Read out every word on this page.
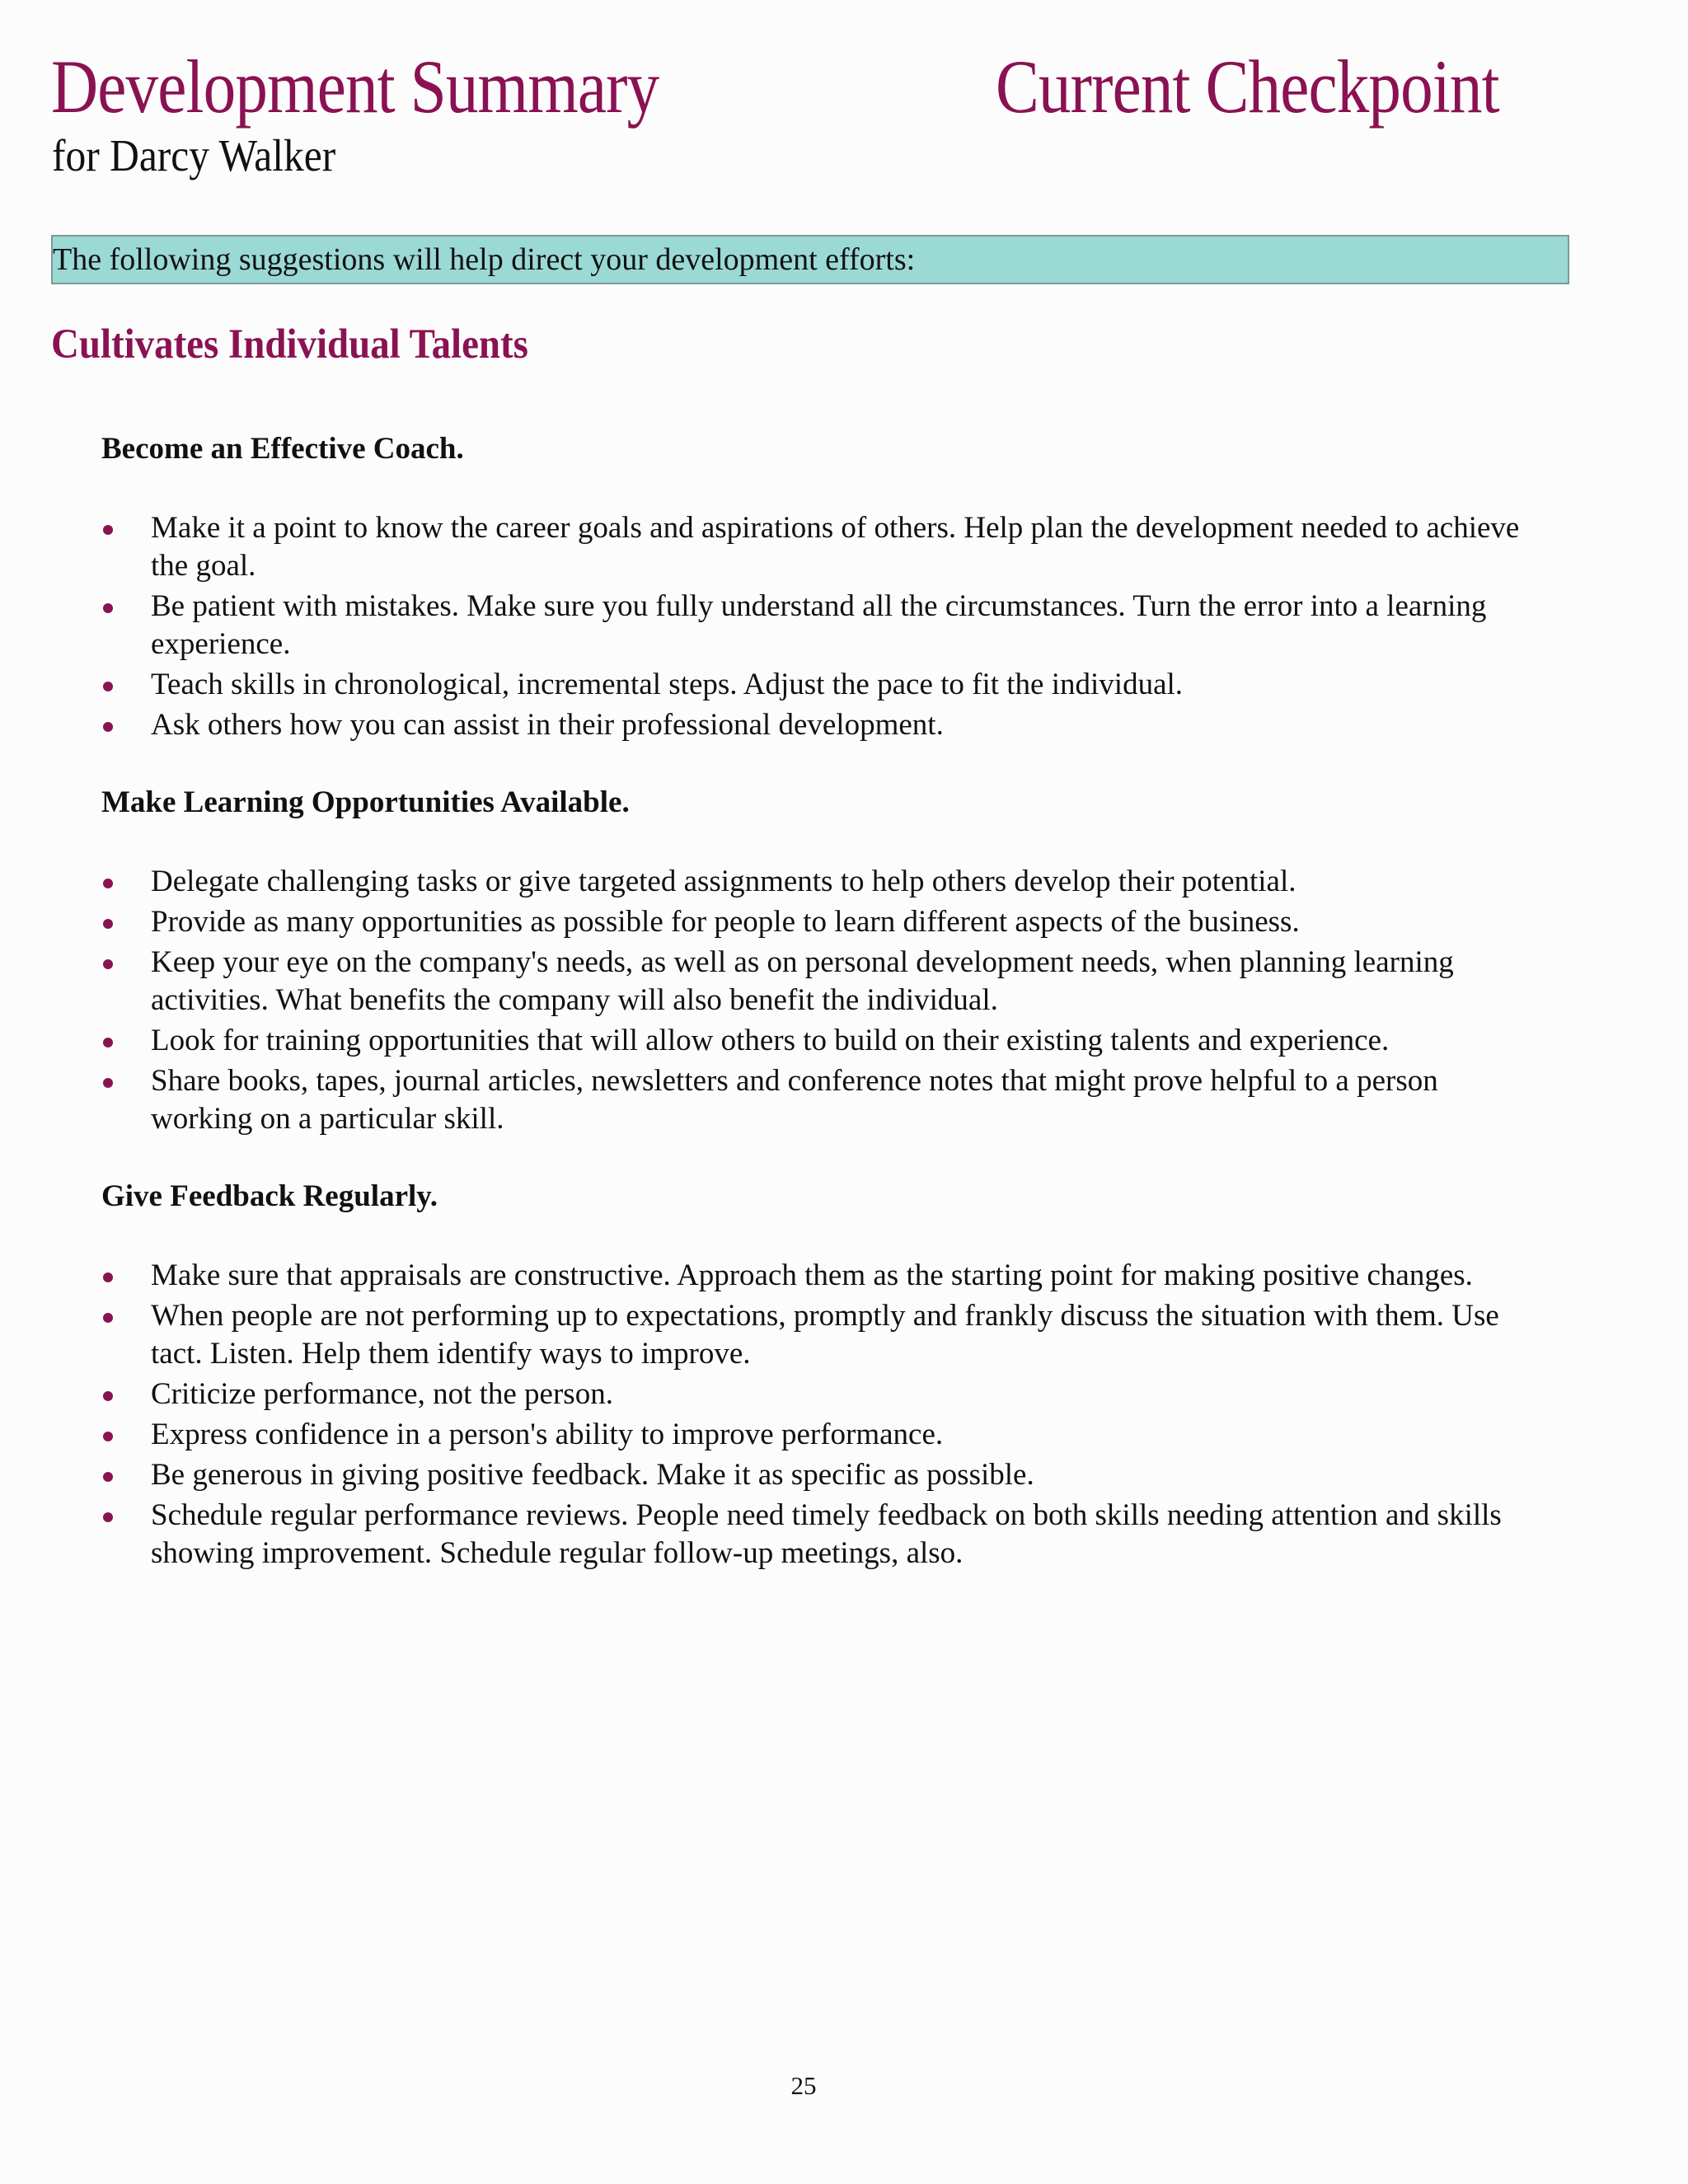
Development Summary	Current Checkpoint
for Darcy Walker
The following suggestions will help direct your development efforts:
Cultivates Individual Talents
Become an Effective Coach.
Make it a point to know the career goals and aspirations of others. Help plan the development needed to achieve the goal.
Be patient with mistakes. Make sure you fully understand all the circumstances. Turn the error into a learning experience.
Teach skills in chronological, incremental steps. Adjust the pace to fit the individual.
Ask others how you can assist in their professional development.
Make Learning Opportunities Available.
Delegate challenging tasks or give targeted assignments to help others develop their potential.
Provide as many opportunities as possible for people to learn different aspects of the business.
Keep your eye on the company's needs, as well as on personal development needs, when planning learning activities. What benefits the company will also benefit the individual.
Look for training opportunities that will allow others to build on their existing talents and experience.
Share books, tapes, journal articles, newsletters and conference notes that might prove helpful to a person working on a particular skill.
Give Feedback Regularly.
Make sure that appraisals are constructive. Approach them as the starting point for making positive changes.
When people are not performing up to expectations, promptly and frankly discuss the situation with them. Use tact. Listen. Help them identify ways to improve.
Criticize performance, not the person.
Express confidence in a person's ability to improve performance.
Be generous in giving positive feedback. Make it as specific as possible.
Schedule regular performance reviews. People need timely feedback on both skills needing attention and skills showing improvement. Schedule regular follow-up meetings, also.
25
